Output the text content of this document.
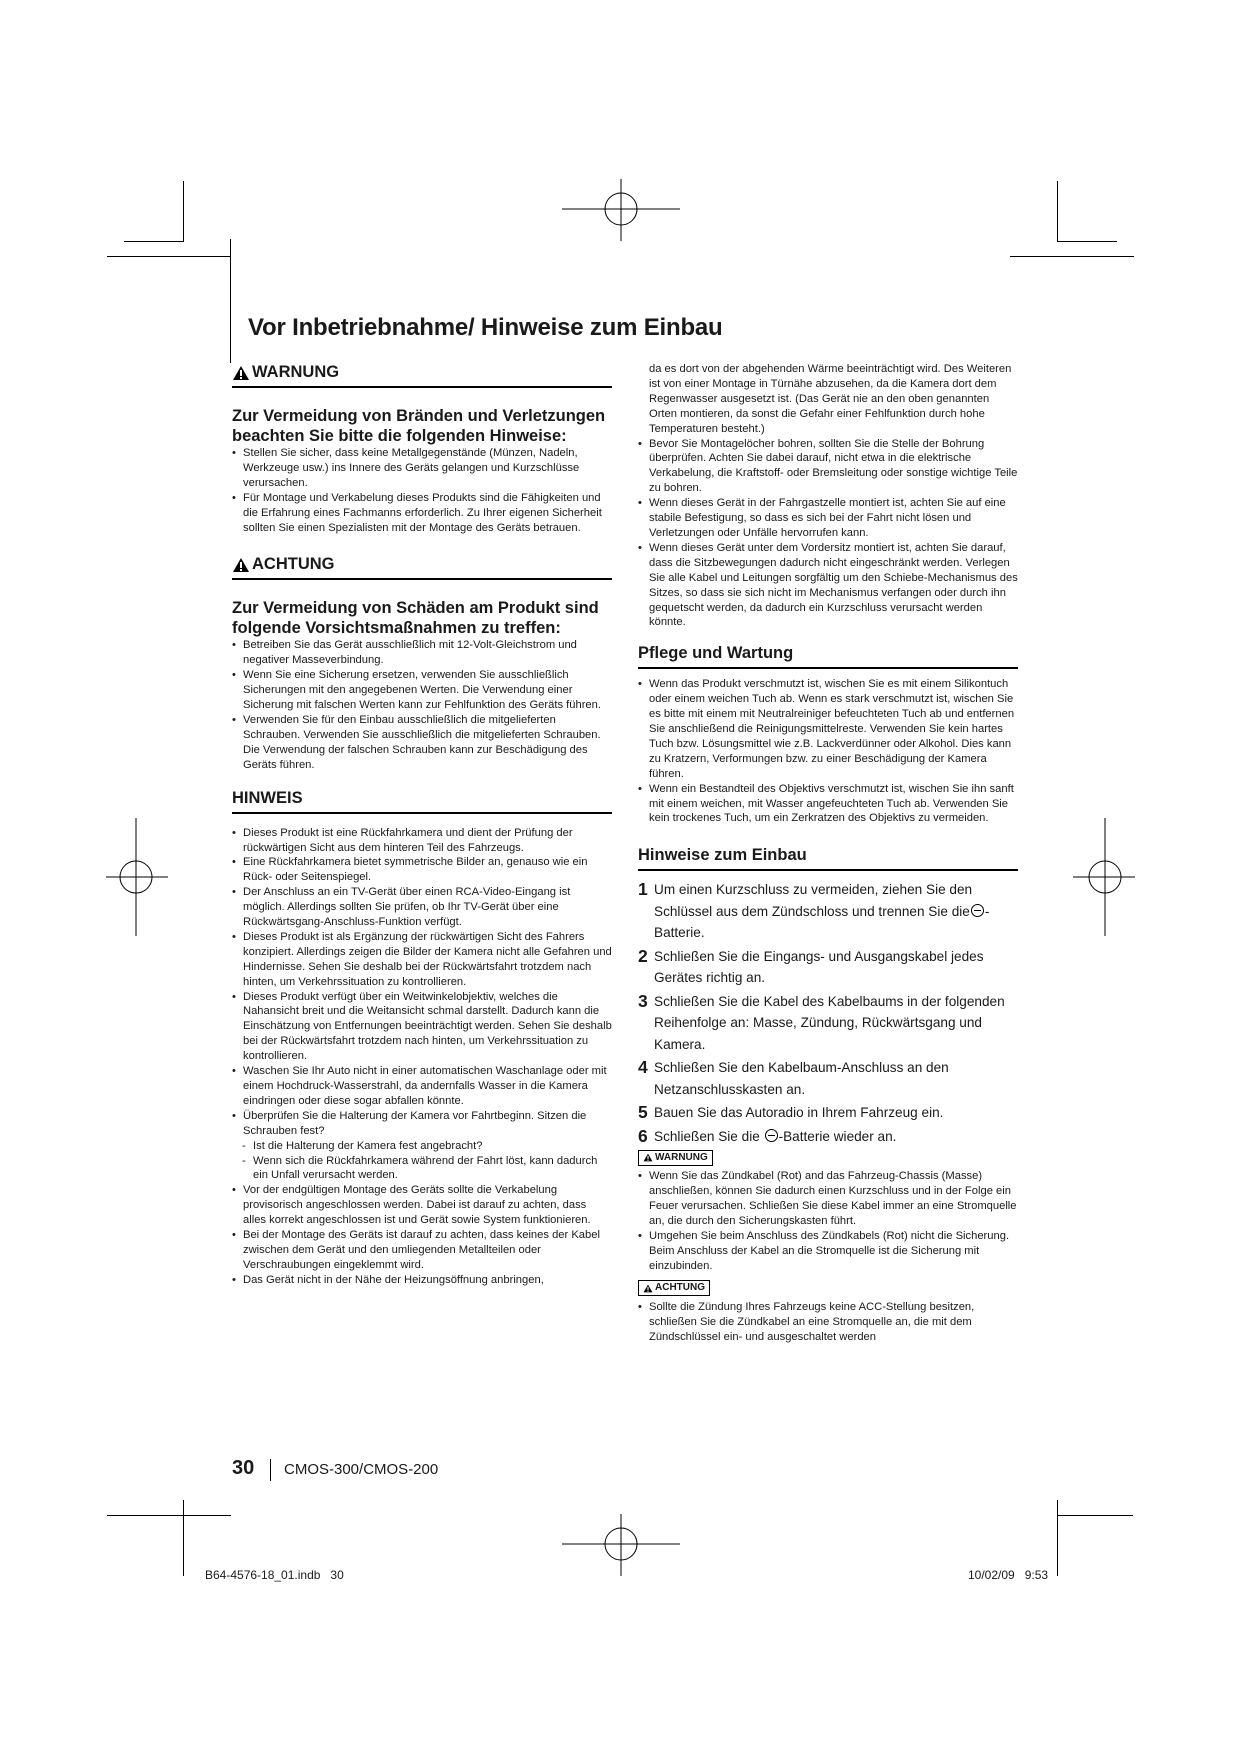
Vor Inbetriebnahme/ Hinweise zum Einbau
WARNUNG
Zur Vermeidung von Bränden und Verletzungen beachten Sie bitte die folgenden Hinweise:
• Stellen Sie sicher, dass keine Metallgegenstände (Münzen, Nadeln, Werkzeuge usw.) ins Innere des Geräts gelangen und Kurzschlüsse verursachen.
• Für Montage und Verkabelung dieses Produkts sind die Fähigkeiten und die Erfahrung eines Fachmanns erforderlich. Zu Ihrer eigenen Sicherheit sollten Sie einen Spezialisten mit der Montage des Geräts betrauen.
ACHTUNG
Zur Vermeidung von Schäden am Produkt sind folgende Vorsichtsmaßnahmen zu treffen:
• Betreiben Sie das Gerät ausschließlich mit 12-Volt-Gleichstrom und negativer Masseverbindung.
• Wenn Sie eine Sicherung ersetzen, verwenden Sie ausschließlich Sicherungen mit den angegebenen Werten. Die Verwendung einer Sicherung mit falschen Werten kann zur Fehlfunktion des Geräts führen.
• Verwenden Sie für den Einbau ausschließlich die mitgelieferten Schrauben. Verwenden Sie ausschließlich die mitgelieferten Schrauben. Die Verwendung der falschen Schrauben kann zur Beschädigung des Geräts führen.
HINWEIS
• Dieses Produkt ist eine Rückfahrkamera und dient der Prüfung der rückwärtigen Sicht aus dem hinteren Teil des Fahrzeugs.
• Eine Rückfahrkamera bietet symmetrische Bilder an, genauso wie ein Rück- oder Seitenspiegel.
• Der Anschluss an ein TV-Gerät über einen RCA-Video-Eingang ist möglich. Allerdings sollten Sie prüfen, ob Ihr TV-Gerät über eine Rückwärtsgang-Anschluss-Funktion verfügt.
• Dieses Produkt ist als Ergänzung der rückwärtigen Sicht des Fahrers konzipiert. Allerdings zeigen die Bilder der Kamera nicht alle Gefahren und Hindernisse. Sehen Sie deshalb bei der Rückwärtsfahrt trotzdem nach hinten, um Verkehrssituation zu kontrollieren.
• Dieses Produkt verfügt über ein Weitwinkelobjektiv, welches die Nahansicht breit und die Weitansicht schmal darstellt. Dadurch kann die Einschätzung von Entfernungen beeinträchtigt werden. Sehen Sie deshalb bei der Rückwärtsfahrt trotzdem nach hinten, um Verkehrssituation zu kontrollieren.
• Waschen Sie Ihr Auto nicht in einer automatischen Waschanlage oder mit einem Hochdruck-Wasserstrahl, da andernfalls Wasser in die Kamera eindringen oder diese sogar abfallen könnte.
• Überprüfen Sie die Halterung der Kamera vor Fahrtbeginn. Sitzen die Schrauben fest?
- Ist die Halterung der Kamera fest angebracht?
- Wenn sich die Rückfahrkamera während der Fahrt löst, kann dadurch ein Unfall verursacht werden.
• Vor der endgültigen Montage des Geräts sollte die Verkabelung provisorisch angeschlossen werden. Dabei ist darauf zu achten, dass alles korrekt angeschlossen ist und Gerät sowie System funktionieren.
• Bei der Montage des Geräts ist darauf zu achten, dass keines der Kabel zwischen dem Gerät und den umliegenden Metallteilen oder Verschraubungen eingeklemmt wird.
• Das Gerät nicht in der Nähe der Heizungsöffnung anbringen,
da es dort von der abgehenden Wärme beeinträchtigt wird. Des Weiteren ist von einer Montage in Türnähe abzusehen, da die Kamera dort dem Regenwasser ausgesetzt ist. (Das Gerät nie an den oben genannten Orten montieren, da sonst die Gefahr einer Fehlfunktion durch hohe Temperaturen besteht.)
• Bevor Sie Montagelöcher bohren, sollten Sie die Stelle der Bohrung überprüfen. Achten Sie dabei darauf, nicht etwa in die elektrische Verkabelung, die Kraftstoff- oder Bremsleitung oder sonstige wichtige Teile zu bohren.
• Wenn dieses Gerät in der Fahrgastzelle montiert ist, achten Sie auf eine stabile Befestigung, so dass es sich bei der Fahrt nicht lösen und Verletzungen oder Unfälle hervorrufen kann.
• Wenn dieses Gerät unter dem Vordersitz montiert ist, achten Sie darauf, dass die Sitzbewegungen dadurch nicht eingeschränkt werden. Verlegen Sie alle Kabel und Leitungen sorgfältig um den Schiebe-Mechanismus des Sitzes, so dass sie sich nicht im Mechanismus verfangen oder durch ihn gequetscht werden, da dadurch ein Kurzschluss verursacht werden könnte.
Pflege und Wartung
• Wenn das Produkt verschmutzt ist, wischen Sie es mit einem Silikontuch oder einem weichen Tuch ab. Wenn es stark verschmutzt ist, wischen Sie es bitte mit einem mit Neutralreiniger befeuchteten Tuch ab und entfernen Sie anschließend die Reinigungsmittelreste. Verwenden Sie kein hartes Tuch bzw. Lösungsmittel wie z.B. Lackverdünner oder Alkohol. Dies kann zu Kratzern, Verformungen bzw. zu einer Beschädigung der Kamera führen.
• Wenn ein Bestandteil des Objektivs verschmutzt ist, wischen Sie ihn sanft mit einem weichen, mit Wasser angefeuchteten Tuch ab. Verwenden Sie kein trockenes Tuch, um ein Zerkratzen des Objektivs zu vermeiden.
Hinweise zum Einbau
1 Um einen Kurzschluss zu vermeiden, ziehen Sie den Schlüssel aus dem Zündschloss und trennen Sie die -Batterie.
2 Schließen Sie die Eingangs- und Ausgangskabel jedes Gerätes richtig an.
3 Schließen Sie die Kabel des Kabelbaums in der folgenden Reihenfolge an: Masse, Zündung, Rückwärtsgang und Kamera.
4 Schließen Sie den Kabelbaum-Anschluss an den Netzanschlusskasten an.
5 Bauen Sie das Autoradio in Ihrem Fahrzeug ein.
6 Schließen Sie die -Batterie wieder an.
WARNUNG
• Wenn Sie das Zündkabel (Rot) and das Fahrzeug-Chassis (Masse) anschließen, können Sie dadurch einen Kurzschluss und in der Folge ein Feuer verursachen. Schließen Sie diese Kabel immer an eine Stromquelle an, die durch den Sicherungskasten führt.
• Umgehen Sie beim Anschluss des Zündkabels (Rot) nicht die Sicherung. Beim Anschluss der Kabel an die Stromquelle ist die Sicherung mit einzubinden.
ACHTUNG
• Sollte die Zündung Ihres Fahrzeugs keine ACC-Stellung besitzen, schließen Sie die Zündkabel an eine Stromquelle an, die mit dem Zündschlüssel ein- und ausgeschaltet werden
30 CMOS-300/CMOS-200
B64-4576-18_01.indb   30	10/02/09   9:53
